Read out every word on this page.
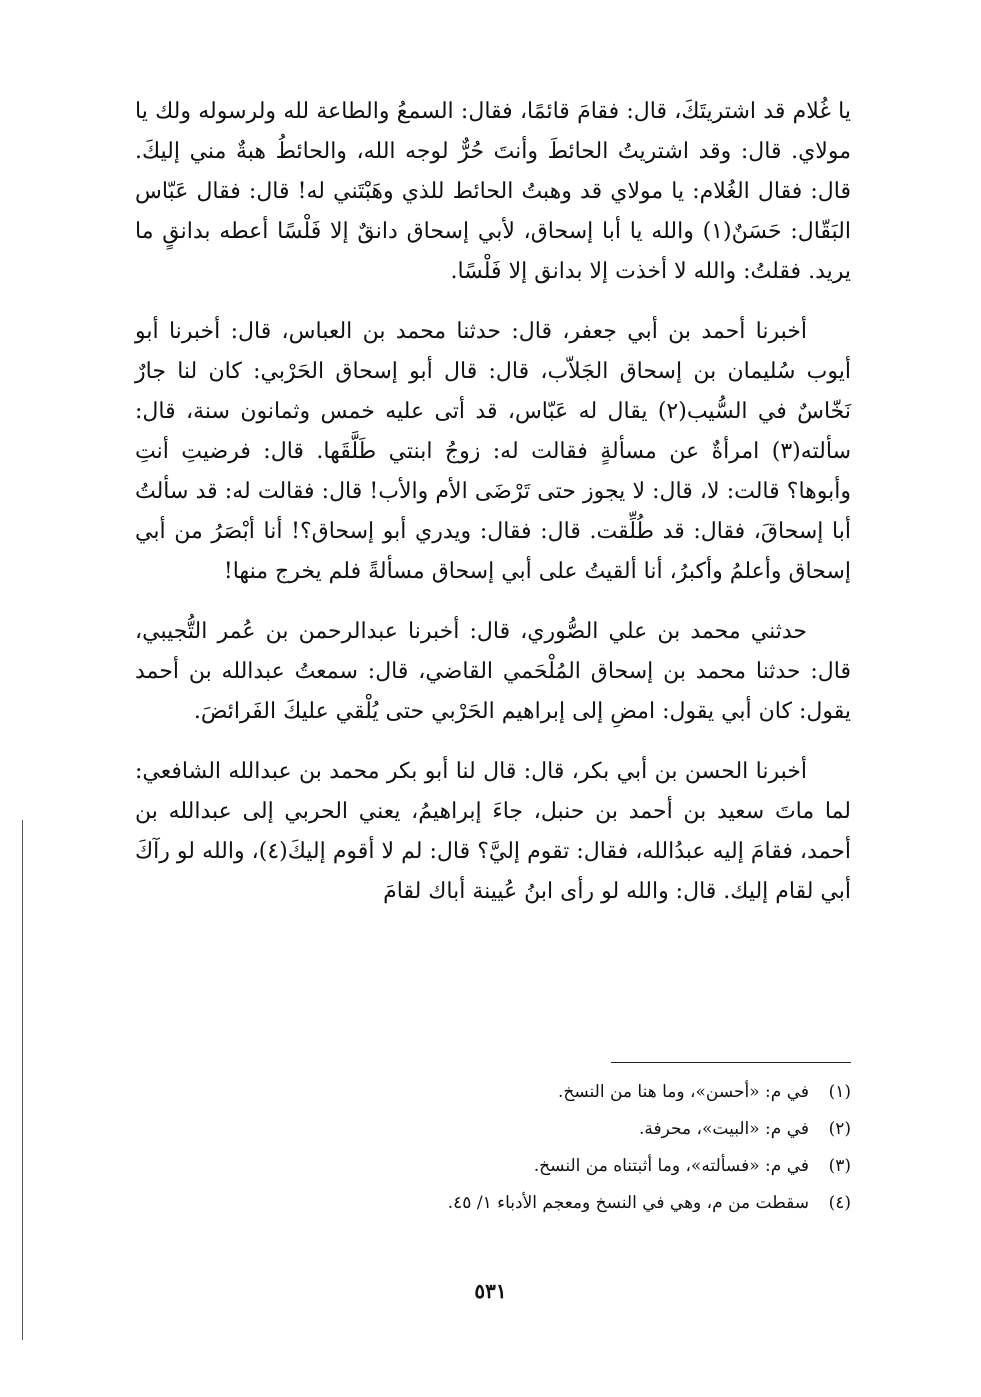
يا غُلام قد اشتريتَكَ، قال: فقامَ قائمًا، فقال: السمعُ والطاعة لله ولرسوله ولك يا مولاي. قال: وقد اشتريتُ الحائطَ وأنتَ حُرٌّ لوجه الله، والحائطُ هبةٌ مني إليكَ. قال: فقال الغُلام: يا مولاي قد وهبتُ الحائط للذي وهَبْتَني له! قال: فقال عَبّاس البَقّال: حَسَنٌ(١) والله يا أبا إسحاق، لأبي إسحاق دانقٌ إلا فَلْسًا أعطه بدانقٍ ما يريد. فقلتُ: والله لا أخذت إلا بدانق إلا فَلْسًا.

أخبرنا أحمد بن أبي جعفر، قال: حدثنا محمد بن العباس، قال: أخبرنا أبو أيوب سُليمان بن إسحاق الجَلاّب، قال: قال أبو إسحاق الحَرْبي: كان لنا جارٌ نَخّاسٌ في السُّيب(٢) يقال له عَبّاس، قد أتى عليه خمس وثمانون سنة، قال: سألته(٣) امرأةٌ عن مسألةٍ فقالت له: زوجُ ابنتي طَلَّقَها. قال: فرضيتِ أنتِ وأبوها؟ قالت: لا، قال: لا يجوز حتى تَرْضَى الأم والأب! قال: فقالت له: قد سألتُ أبا إسحاقَ، فقال: قد طُلِّقت. قال: فقال: ويدري أبو إسحاق؟! أنا أبْصَرُ من أبي إسحاق وأعلمُ وأكبرُ، أنا ألقيتُ على أبي إسحاق مسألةً فلم يخرج منها!

حدثني محمد بن علي الصُّوري، قال: أخبرنا عبدالرحمن بن عُمر التُّجيبي، قال: حدثنا محمد بن إسحاق المُلْحَمي القاضي، قال: سمعتُ عبدالله بن أحمد يقول: كان أبي يقول: امضِ إلى إبراهيم الحَرْبي حتى يُلْقي عليكَ الفَرائضَ.

أخبرنا الحسن بن أبي بكر، قال: قال لنا أبو بكر محمد بن عبدالله الشافعي: لما ماتَ سعيد بن أحمد بن حنبل، جاءَ إبراهيمُ، يعني الحربي إلى عبدالله بن أحمد، فقامَ إليه عبدُالله، فقال: تقوم إليَّ؟ قال: لم لا أقوم إليكَ(٤)، والله لو رآكَ أبي لقام إليك. قال: والله لو رأى ابنُ عُيينة أباك لقامَ

(١)في م: «أحسن»، وما هنا من النسخ.
(٢)في م: «البيت»، محرفة.
(٣)في م: «فسألته»، وما أثبتناه من النسخ.
(٤)سقطت من م، وهي في النسخ ومعجم الأدباء ١/ ٤٥.
٥٣١
